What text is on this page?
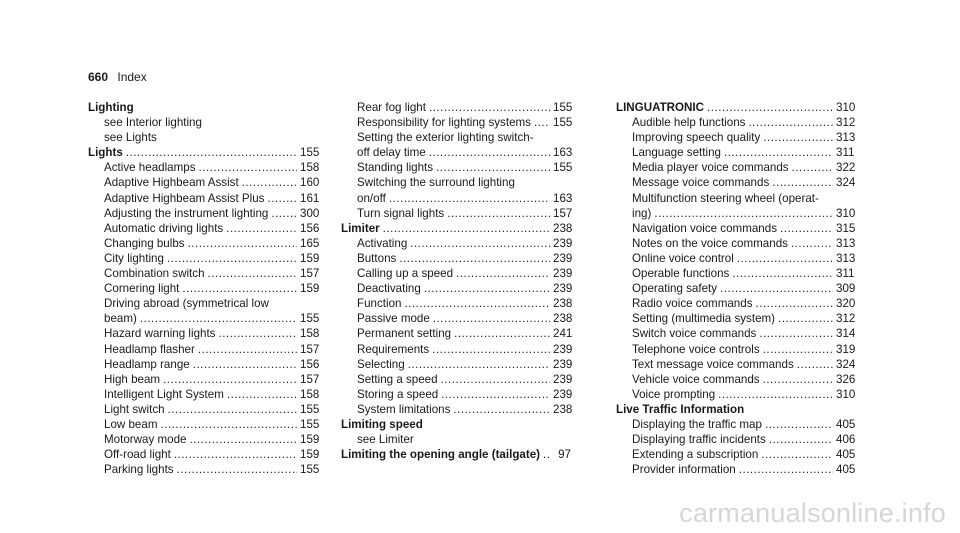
660 Index
Lighting
see Interior lighting
see Lights
Lights .....	155
Active headlamps .....	158
Adaptive Highbeam Assist .....	160
Adaptive Highbeam Assist Plus .....	161
Adjusting the instrument lighting .....	300
Automatic driving lights .....	156
Changing bulbs .....	165
City lighting .....	159
Combination switch .....	157
Cornering light .....	159
Driving abroad (symmetrical low
beam) .....	155
Hazard warning lights .....	158
Headlamp flasher .....	157
Headlamp range .....	156
High beam .....	157
Intelligent Light System .....	158
Light switch .....	155
Low beam .....	155
Motorway mode .....	159
Off-road light .....	159
Parking lights .....	155
Rear fog light .....	155
Responsibility for lighting systems ..... 155
Setting the exterior lighting switch-
off delay time .....	163
Standing lights .....	155
Switching the surround lighting
on/off .....	163
Turn signal lights .....	157
Limiter .....	238
Activating .....	239
Buttons .....	239
Calling up a speed .....	239
Deactivating .....	239
Function .....	238
Passive mode .....	238
Permanent setting .....	241
Requirements .....	239
Selecting .....	239
Setting a speed .....	239
Storing a speed .....	239
System limitations .....	238
Limiting speed
see Limiter
Limiting the opening angle (tailgate) .....	97
LINGUATRONIC .....	310
Audible help functions .....	312
Improving speech quality .....	313
Language setting .....	311
Media player voice commands .....	322
Message voice commands .....	324
Multifunction steering wheel (operat-
ing) .....	310
Navigation voice commands .....	315
Notes on the voice commands .....	313
Online voice control .....	313
Operable functions .....	311
Operating safety .....	309
Radio voice commands .....	320
Setting (multimedia system) .....	312
Switch voice commands .....	314
Telephone voice controls .....	319
Text message voice commands .....	324
Vehicle voice commands .....	326
Voice prompting .....	310
Live Traffic Information
Displaying the traffic map .....	405
Displaying traffic incidents .....	406
Extending a subscription .....	405
Provider information .....	405
carmanualsonline.info
